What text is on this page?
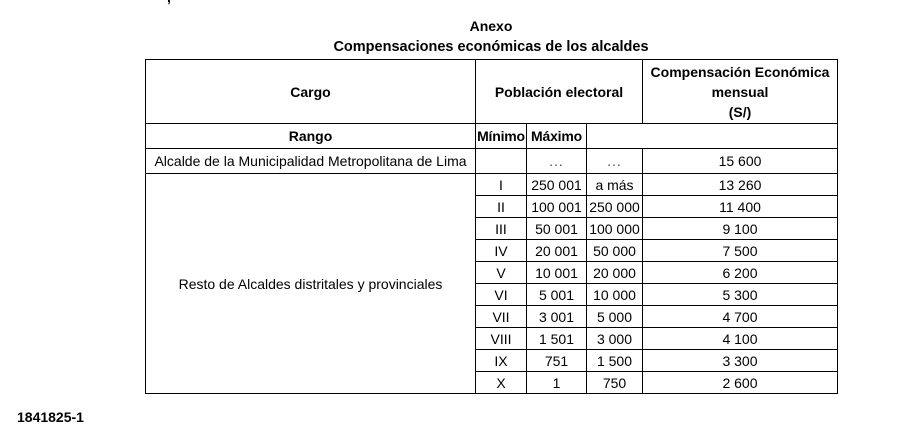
Anexo
Compensaciones económicas de los alcaldes
Cargo	Población electoral			Compensación Económica
mensual
(S/)

Rango	Mínimo	Máximo		
Alcalde de la Municipalidad Metropolitana de Lima		...	...	15 600
Resto de Alcaldes distritales y provinciales	I	250 001	a más	13 260
	II	100 001	250 000	11 400
	III	50 001	100 000	9 100
	IV	20 001	50 000	7 500
	V	10 001	20 000	6 200
	VI	5 001	10 000	5 300
	VII	3 001	5 000	4 700
	VIII	1 501	3 000	4 100
	IX	751	1 500	3 300
	X	1	750	2 600
1841825-1
